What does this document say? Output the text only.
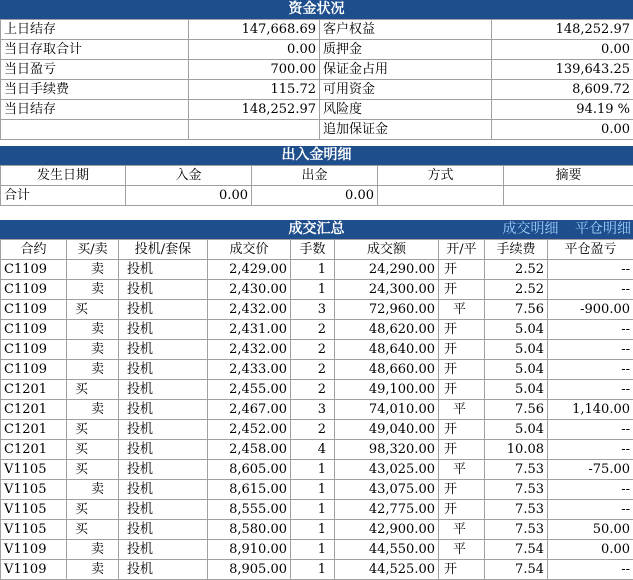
资金状况
上日结存	147,668.69	客户权益	148,252.97
当日存取合计	0.00	质押金	0.00
当日盈亏	700.00	保证金占用	139,643.25
当日手续费	115.72	可用资金	8,609.72
当日结存	148,252.97	风险度	94.19 %
		追加保证金	0.00
出入金明细
发生日期	入金	出金	方式	摘要
合计	0.00	0.00		
成交汇总	成交明细 平仓明细
合约	买/卖	投机/套保	成交价	手数	成交额	开/平	手续费	平仓盈亏
C1109	卖	投机	2,429.00	1	24,290.00	开	2.52	--
C1109	卖	投机	2,430.00	1	24,300.00	开	2.52	--
C1109	买	投机	2,432.00	3	72,960.00	平	7.56	-900.00
C1109	卖	投机	2,431.00	2	48,620.00	开	5.04	--
C1109	卖	投机	2,432.00	2	48,640.00	开	5.04	--
C1109	卖	投机	2,433.00	2	48,660.00	开	5.04	--
C1201	买	投机	2,455.00	2	49,100.00	开	5.04	--
C1201	卖	投机	2,467.00	3	74,010.00	平	7.56	1,140.00
C1201	买	投机	2,452.00	2	49,040.00	开	5.04	--
C1201	买	投机	2,458.00	4	98,320.00	开	10.08	--
V1105	买	投机	8,605.00	1	43,025.00	平	7.53	-75.00
V1105	卖	投机	8,615.00	1	43,075.00	开	7.53	--
V1105	买	投机	8,555.00	1	42,775.00	开	7.53	--
V1105	买	投机	8,580.00	1	42,900.00	平	7.53	50.00
V1109	卖	投机	8,910.00	1	44,550.00	平	7.54	0.00
V1109	卖	投机	8,905.00	1	44,525.00	开	7.54	--
